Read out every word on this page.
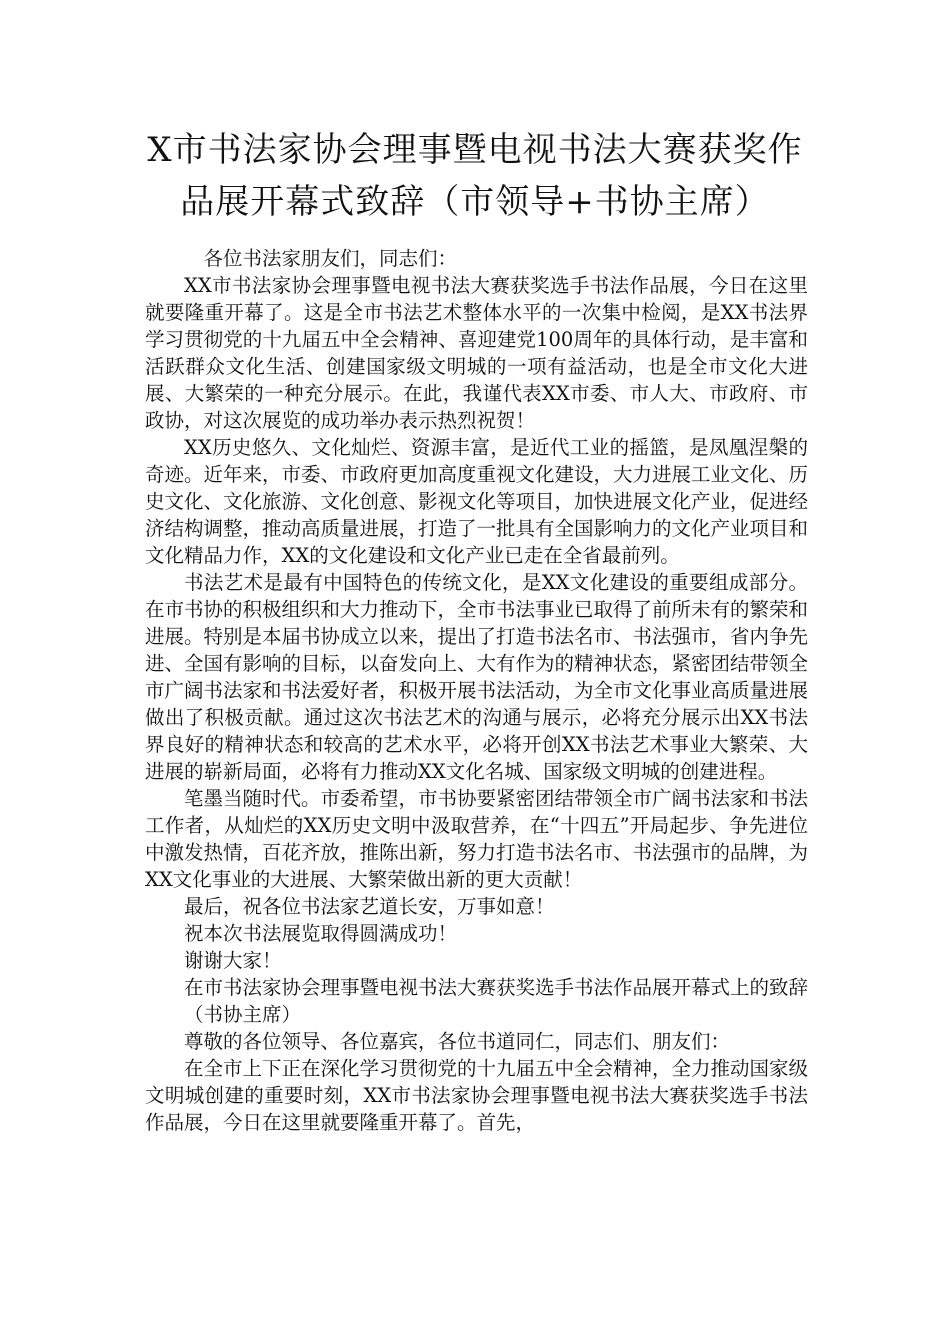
X市书法家协会理事暨电视书法大赛获奖作
品展开幕式致辞（市领导+书协主席）

各位书法家朋友们，同志们：

XX市书法家协会理事暨电视书法大赛获奖选手书法作品展，今日在这里就要隆重开幕了。这是全市书法艺术整体水平的一次集中检阅，是XX书法界学习贯彻党的十九届五中全会精神、喜迎建党100周年的具体行动，是丰富和活跃群众文化生活、创建国家级文明城的一项有益活动，也是全市文化大进展、大繁荣的一种充分展示。在此，我谨代表XX市委、市人大、市政府、市政协，对这次展览的成功举办表示热烈祝贺！

XX历史悠久、文化灿烂、资源丰富，是近代工业的摇篮，是凤凰涅槃的奇迹。近年来，市委、市政府更加高度重视文化建设，大力进展工业文化、历史文化、文化旅游、文化创意、影视文化等项目，加快进展文化产业，促进经济结构调整，推动高质量进展，打造了一批具有全国影响力的文化产业项目和文化精品力作，XX的文化建设和文化产业已走在全省最前列。

书法艺术是最有中国特色的传统文化，是XX文化建设的重要组成部分。在市书协的积极组织和大力推动下，全市书法事业已取得了前所未有的繁荣和进展。特别是本届书协成立以来，提出了打造书法名市、书法强市，省内争先进、全国有影响的目标，以奋发向上、大有作为的精神状态，紧密团结带领全市广阔书法家和书法爱好者，积极开展书法活动，为全市文化事业高质量进展做出了积极贡献。通过这次书法艺术的沟通与展示，必将充分展示出XX书法界良好的精神状态和较高的艺术水平，必将开创XX书法艺术事业大繁荣、大进展的崭新局面，必将有力推动XX文化名城、国家级文明城的创建进程。

笔墨当随时代。市委希望，市书协要紧密团结带领全市广阔书法家和书法工作者，从灿烂的XX历史文明中汲取营养，在“十四五”开局起步、争先进位中激发热情，百花齐放，推陈出新，努力打造书法名市、书法强市的品牌，为XX文化事业的大进展、大繁荣做出新的更大贡献！

最后，祝各位书法家艺道长安，万事如意！

祝本次书法展览取得圆满成功！

谢谢大家！

在市书法家协会理事暨电视书法大赛获奖选手书法作品展开幕式上的致辞

（书协主席）

尊敬的各位领导、各位嘉宾，各位书道同仁，同志们、朋友们：

在全市上下正在深化学习贯彻党的十九届五中全会精神，全力推动国家级文明城创建的重要时刻，XX市书法家协会理事暨电视书法大赛获奖选手书法作品展，今日在这里就要隆重开幕了。首先，
